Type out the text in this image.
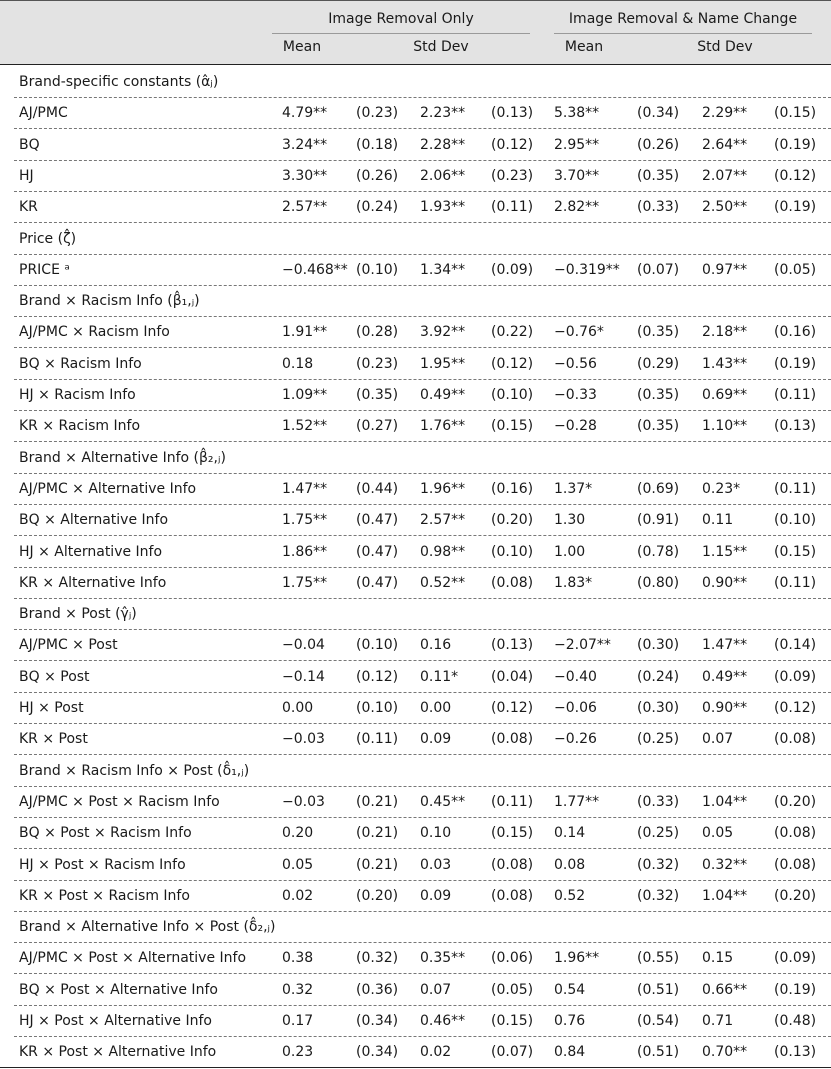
Image Removal Only	Image Removal & Name Change
Mean	Std Dev	Mean	Std Dev
Brand-specific constants (α̂ⱼ)
AJ/PMC	4.79** (0.23) 2.23** (0.13) 5.38**	(0.34) 2.29** (0.15)
BQ	3.24** (0.18) 2.28** (0.12) 2.95**	(0.26) 2.64** (0.19)
HJ	3.30** (0.26) 2.06** (0.23) 3.70**	(0.35) 2.07** (0.12)
KR	2.57** (0.24) 1.93** (0.11) 2.82**	(0.33) 2.50** (0.19)
Price (ζ̂)
PRICE ᵃ	−0.468** (0.10) 1.34** (0.09) −0.319** (0.07) 0.97** (0.05)
Brand × Racism Info (β̂₁,ⱼ)
AJ/PMC × Racism Info	1.91** (0.28) 3.92** (0.22) −0.76* (0.35) 2.18** (0.16)
BQ × Racism Info	0.18	(0.23) 1.95** (0.12) −0.56	(0.29) 1.43** (0.19)
HJ × Racism Info	1.09** (0.35) 0.49** (0.10) −0.33	(0.35) 0.69** (0.11)
KR × Racism Info	1.52** (0.27) 1.76** (0.15) −0.28	(0.35) 1.10** (0.13)
Brand × Alternative Info (β̂₂,ⱼ)
AJ/PMC × Alternative Info	1.47** (0.44) 1.96** (0.16) 1.37*	(0.69) 0.23* (0.11)
BQ × Alternative Info	1.75** (0.47) 2.57** (0.20) 1.30	(0.91) 0.11	(0.10)
HJ × Alternative Info	1.86** (0.47) 0.98** (0.10) 1.00	(0.78) 1.15** (0.15)
KR × Alternative Info	1.75** (0.47) 0.52** (0.08) 1.83*	(0.80) 0.90** (0.11)
Brand × Post (γ̂ⱼ)
AJ/PMC × Post	−0.04 (0.10) 0.16	(0.13) −2.07** (0.30) 1.47** (0.14)
BQ × Post	−0.14 (0.12) 0.11* (0.04) −0.40	(0.24) 0.49** (0.09)
HJ × Post	0.00	(0.10) 0.00	(0.12) −0.06	(0.30) 0.90** (0.12)
KR × Post	−0.03 (0.11) 0.09	(0.08) −0.26	(0.25) 0.07	(0.08)
Brand × Racism Info × Post (δ̂₁,ⱼ)
AJ/PMC × Post × Racism Info	−0.03 (0.21) 0.45** (0.11) 1.77**	(0.33) 1.04** (0.20)
BQ × Post × Racism Info	0.20	(0.21) 0.10	(0.15) 0.14	(0.25) 0.05	(0.08)
HJ × Post × Racism Info	0.05	(0.21) 0.03	(0.08) 0.08	(0.32) 0.32** (0.08)
KR × Post × Racism Info	0.02	(0.20) 0.09	(0.08) 0.52	(0.32) 1.04** (0.20)
Brand × Alternative Info × Post (δ̂₂,ⱼ)
AJ/PMC × Post × Alternative Info	0.38	(0.32) 0.35** (0.06) 1.96**	(0.55) 0.15	(0.09)
BQ × Post × Alternative Info	0.32	(0.36) 0.07	(0.05) 0.54	(0.51) 0.66** (0.19)
HJ × Post × Alternative Info	0.17	(0.34) 0.46** (0.15) 0.76	(0.54) 0.71	(0.48)
KR × Post × Alternative Info	0.23	(0.34) 0.02	(0.07) 0.84	(0.51) 0.70** (0.13)
